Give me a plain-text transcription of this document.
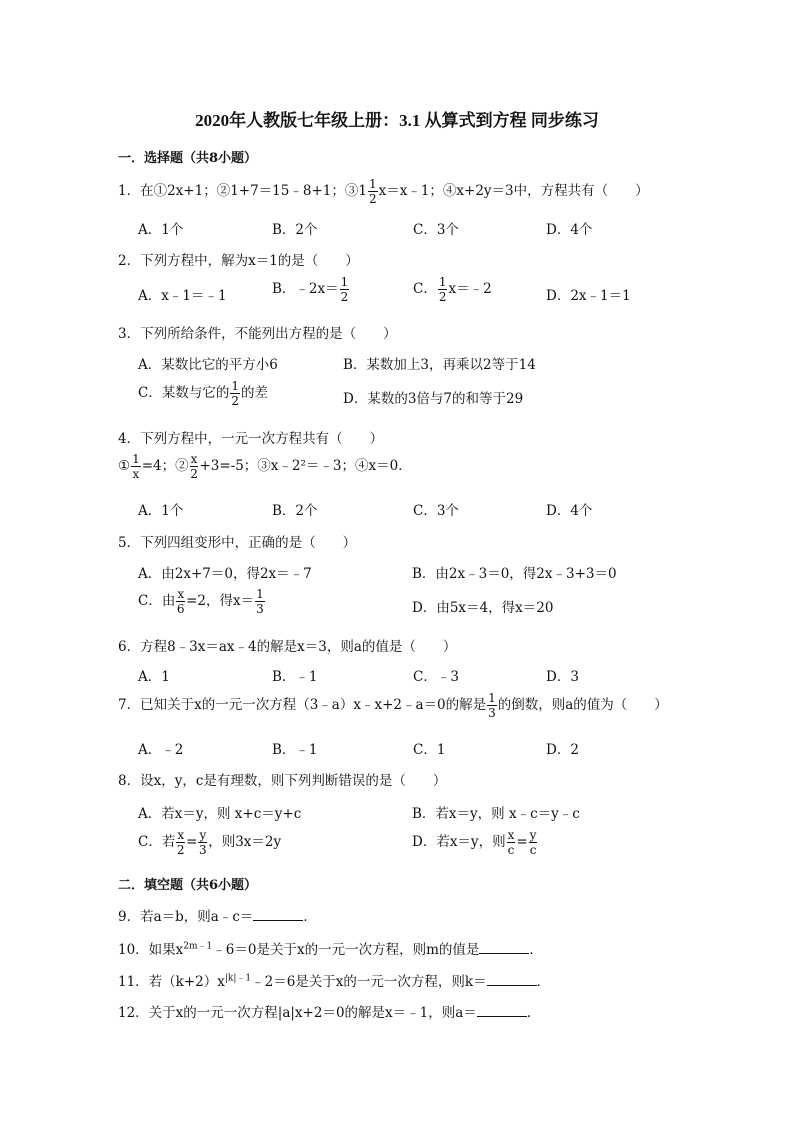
2020年人教版七年级上册：3.1 从算式到方程 同步练习
一．选择题（共8小题）
1．在①2x+1；②1+7＝15﹣8+1；③1 $\frac{1}{2}$ x＝x﹣1；④x+2y＝3中，方程共有（　　）
A．1个	B．2个	C．3个	D．4个
2．下列方程中，解为x＝1的是（　　）
A．x﹣1＝﹣1	B．﹣2x＝ $\frac{1}{2}$	C． $\frac{1}{2}$ x＝﹣2	D．2x﹣1＝1
3．下列所给条件，不能列出方程的是（　　）
A．某数比它的平方小6	B．某数加上3，再乘以2等于14
C．某数与它的 $\frac{1}{2}$ 的差	D．某数的3倍与7的和等于29
4．下列方程中，一元一次方程共有（　　）
① $\frac{1}{x} =4$；② $\frac{x}{2} +3=-5$；③x﹣2²＝﹣3；④x＝0．
A．1个	B．2个	C．3个	D．4个
5．下列四组变形中，正确的是（　　）
A．由2x+7＝0，得2x＝﹣7	B．由2x﹣3＝0，得2x﹣3+3＝0
C．由 $\frac{x}{6} =2$，得$x= \frac{1}{3}$	D．由5x＝4，得x＝20
6．方程8﹣3x＝ax﹣4的解是x＝3，则a的值是（　　）
A．1	B．﹣1	C．﹣3	D．3
7．已知关于x的一元一次方程（3﹣a）x﹣x+2﹣a＝0的解是 $\frac{1}{3}$ 的倒数，则a的值为（　　）
A．﹣2	B．﹣1	C．1	D．2
8．设x，y，c是有理数，则下列判断错误的是（　　）
A．若x＝y，则 x+c＝y+c	B．若x＝y，则 x﹣c＝y﹣c
C．若 $\frac{x}{2} = \frac{y}{3}$ ，则3x＝2y	D．若x＝y，则 $\frac{x}{c} = \frac{y}{c}$
二．填空题（共6小题）
9．若a＝b，则a﹣c＝	．
10．如果$x^{2m﹣1}﹣6=0$是关于x的一元一次方程，则m的值是	．
11．若$(k+2)x^{|k|﹣1}﹣2=6$是关于x的一元一次方程，则k＝	．
12．关于x的一元一次方程|a|x+2＝0的解是x＝﹣1，则a＝	．
